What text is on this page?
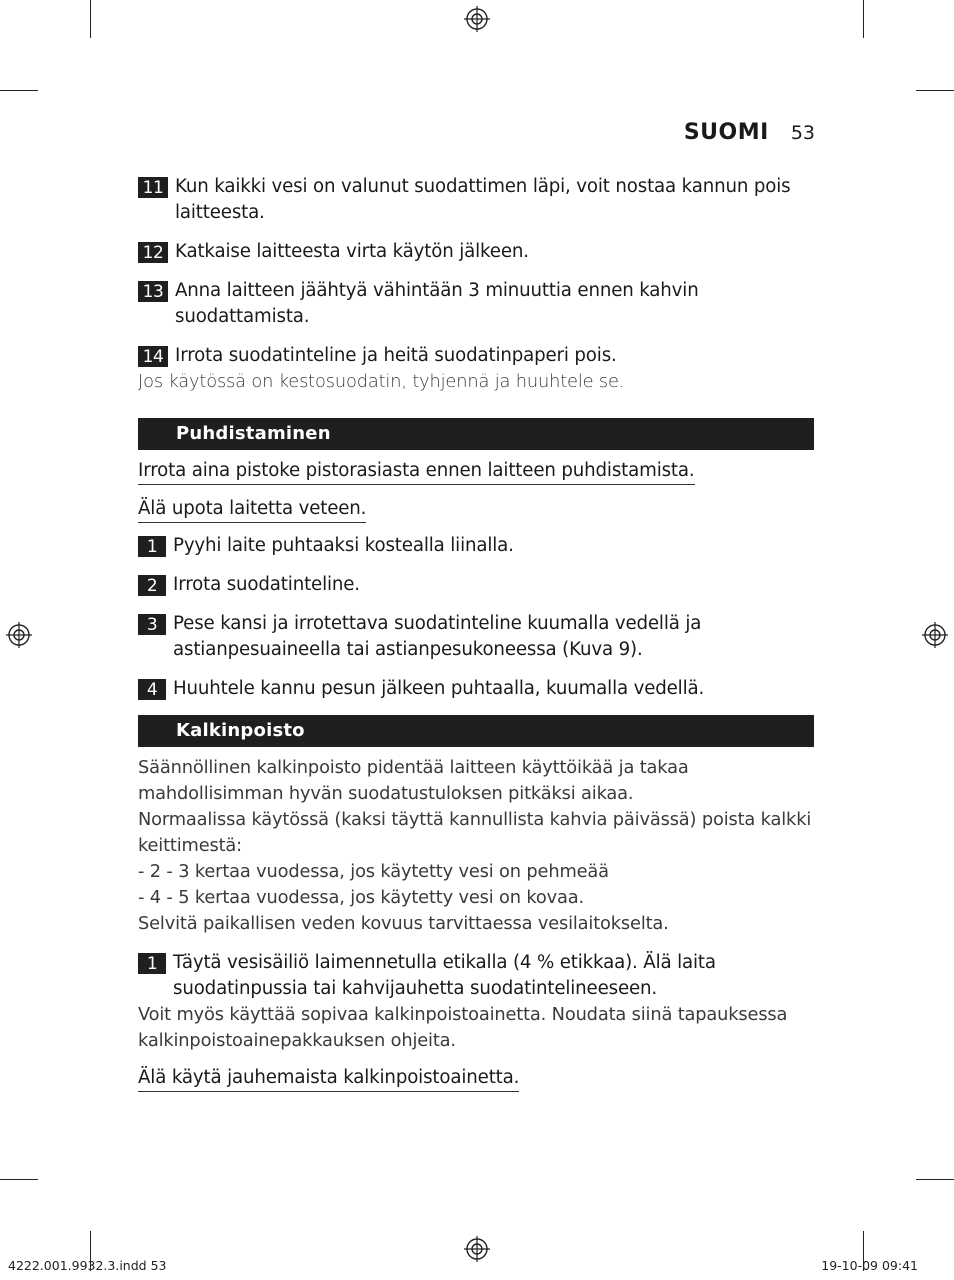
SUOMI 53
11 Kun kaikki vesi on valunut suodattimen läpi, voit nostaa kannun pois laitteesta.
12 Katkaise laitteesta virta käytön jälkeen.
13 Anna laitteen jäähtyä vähintään 3 minuuttia ennen kahvin suodattamista.
14 Irrota suodatinteline ja heitä suodatinpaperi pois.
Jos käytössä on kestosuodatin, tyhjennä ja huuhtele se.
Puhdistaminen
Irrota aina pistoke pistorasiasta ennen laitteen puhdistamista.
Älä upota laitetta veteen.
1 Pyyhi laite puhtaaksi kostealla liinalla.
2 Irrota suodatinteline.
3 Pese kansi ja irrotettava suodatinteline kuumalla vedellä ja astianpesuaineella tai astianpesukoneessa (Kuva 9).
4 Huuhtele kannu pesun jälkeen puhtaalla, kuumalla vedellä.
Kalkinpoisto
Säännöllinen kalkinpoisto pidentää laitteen käyttöikää ja takaa mahdollisimman hyvän suodatustuloksen pitkäksi aikaa.
Normaalissa käytössä (kaksi täyttä kannullista kahvia päivässä) poista kalkki keittimestä:
- 2 - 3 kertaa vuodessa, jos käytetty vesi on pehmeää
- 4 - 5 kertaa vuodessa, jos käytetty vesi on kovaa.
Selvitä paikallisen veden kovuus tarvittaessa vesilaitokselta.
1 Täytä vesisäiliö laimennetulla etikalla (4 % etikkaa). Älä laita suodatinpussia tai kahvijauhetta suodatintelineeseen.
Voit myös käyttää sopivaa kalkinpoistoainetta. Noudata siinä tapauksessa kalkinpoistoainepakkauksen ohjeita.
Älä käytä jauhemaista kalkinpoistoainetta.
4222.001.9932.3.indd 53	19-10-09 09:41
